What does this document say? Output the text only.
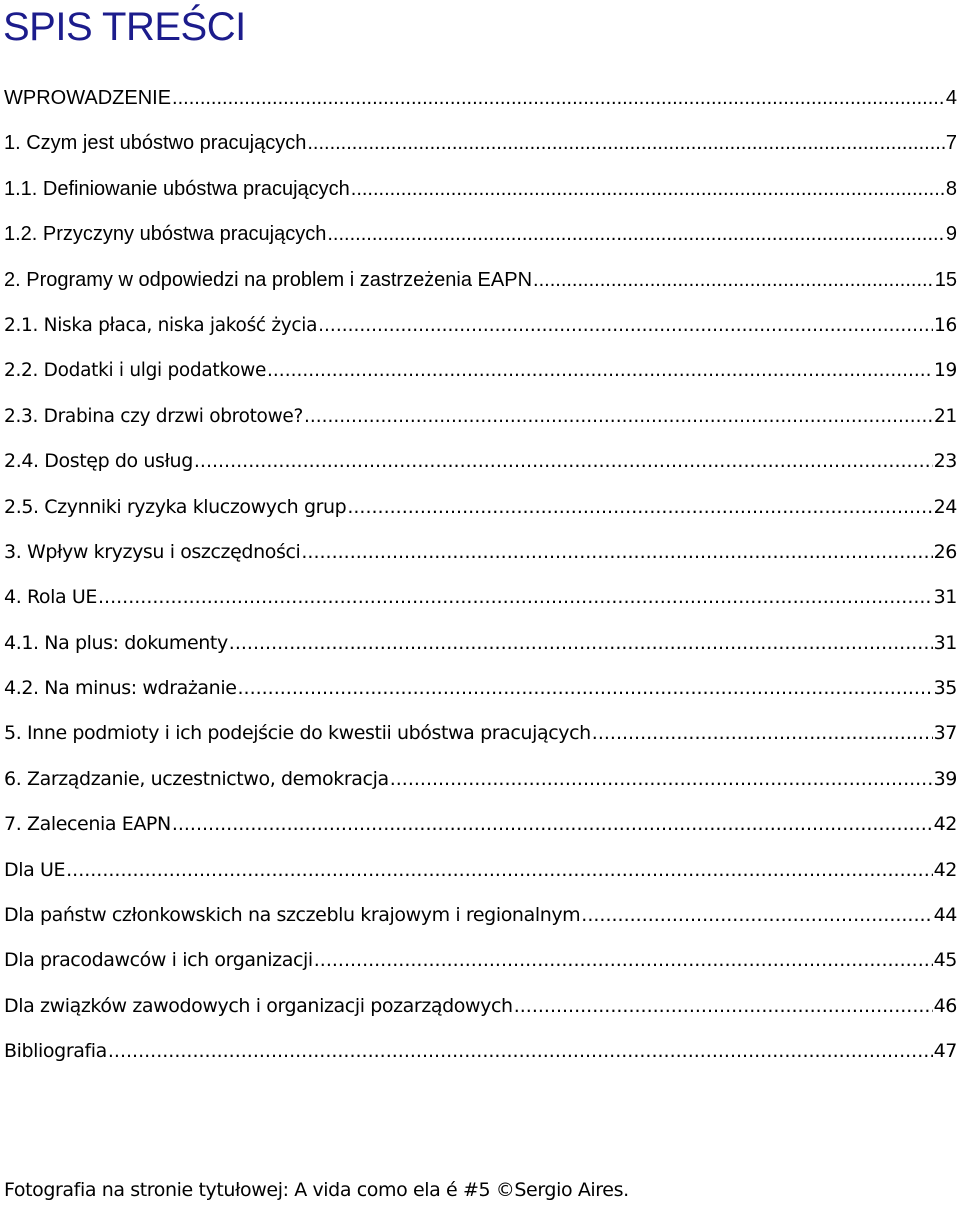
SPIS TREŚCI
WPROWADZENIE .....	4
1. Czym jest ubóstwo pracujących .....	7
1.1. Definiowanie ubóstwa pracujących .....	8
1.2. Przyczyny ubóstwa pracujących .....	9
2. Programy w odpowiedzi na problem i zastrzeżenia EAPN .....	15
2.1. Niska płaca, niska jakość życia .....	16
2.2. Dodatki i ulgi podatkowe .....	19
2.3. Drabina czy drzwi obrotowe? .....	21
2.4. Dostęp do usług .....	23
2.5. Czynniki ryzyka kluczowych grup .....	24
3. Wpływ kryzysu i oszczędności .....	26
4. Rola UE .....	31
4.1. Na plus: dokumenty .....	31
4.2. Na minus: wdrażanie .....	35
5. Inne podmioty i ich podejście do kwestii ubóstwa pracujących .....	37
6. Zarządzanie, uczestnictwo, demokracja .....	39
7. Zalecenia EAPN .....	42
Dla UE .....	42
Dla państw członkowskich na szczeblu krajowym i regionalnym .....	44
Dla pracodawców i ich organizacji .....	45
Dla związków zawodowych i organizacji pozarządowych .....	46
Bibliografia .....	47

Fotografia na stronie tytułowej: A vida como ela é #5 ©Sergio Aires.
